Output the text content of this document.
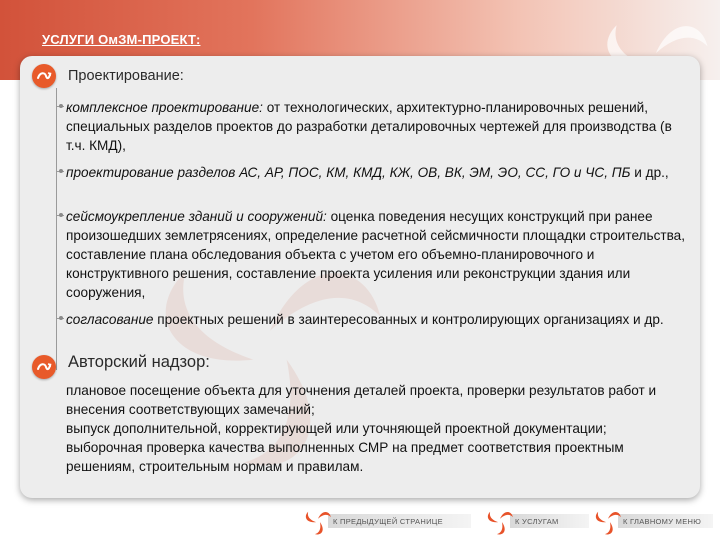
УСЛУГИ ОмЗМ-ПРОЕКТ:
Проектирование:

комплексное проектирование: от технологических, архитектурно-планировочных решений, специальных разделов проектов до разработки деталировочных чертежей для производства (в т.ч. КМД),

проектирование разделов АС, АР, ПОС, КМ, КМД, КЖ, ОВ, ВК, ЭМ, ЭО, СС, ГО и ЧС, ПБ и др.,

сейсмоукрепление зданий и сооружений: оценка поведения несущих конструкций при ранее произошедших землетрясениях, определение расчетной сейсмичности площадки строительства, составление плана обследования объекта с учетом его объемно-планировочного и конструктивного решения, составление проекта усиления или реконструкции здания или сооружения,

согласование проектных решений в заинтересованных и контролирующих организациях и др.

Авторский надзор:
плановое посещение объекта для уточнения деталей проекта, проверки результатов работ и внесения соответствующих замечаний;
выпуск дополнительной, корректирующей или уточняющей проектной документации;
выборочная проверка качества выполненных СМР на предмет соответствия проектным решениям, строительным нормам и правилам.
К ПРЕДЫДУЩЕЙ СТРАНИЦЕ	К УСЛУГАМ	К ГЛАВНОМУ МЕНЮ
